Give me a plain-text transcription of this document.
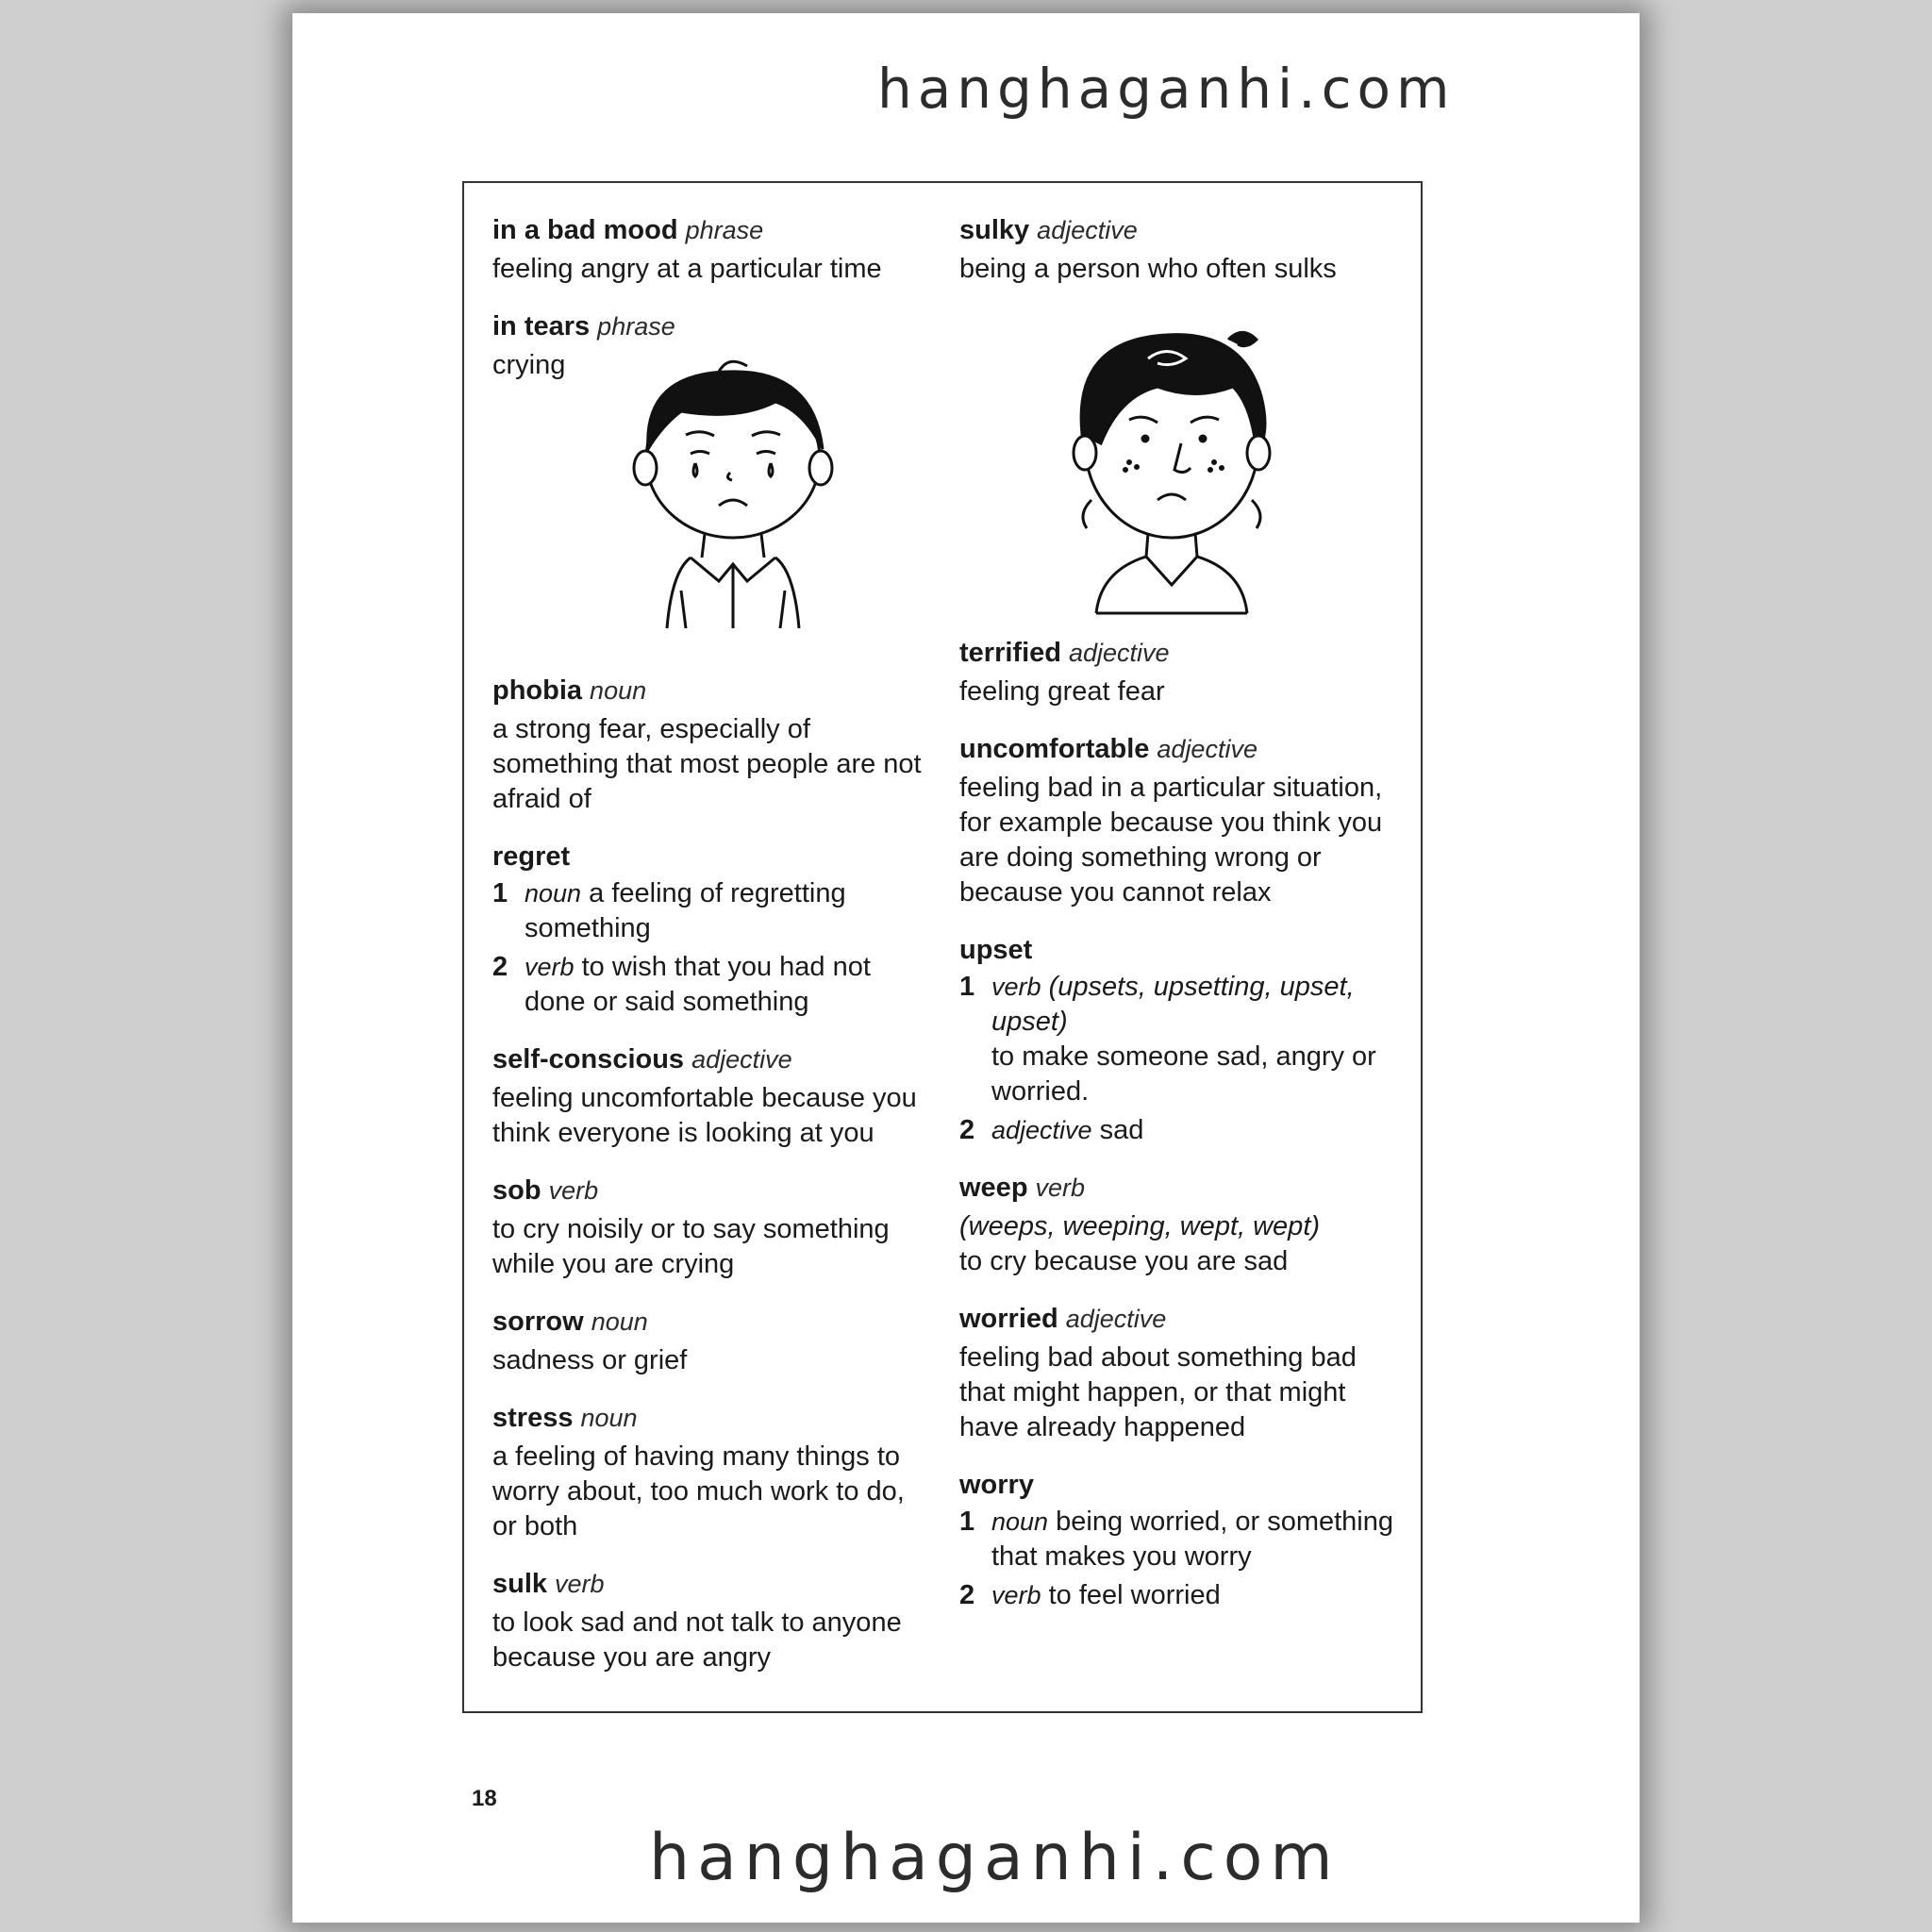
hanghaganhi.com
in a bad mood phrase
feeling angry at a particular time
in tears phrase
crying
phobia noun
a strong fear, especially of something that most people are not afraid of
regret
1 noun a feeling of regretting something
2 verb to wish that you had not done or said something
self-conscious adjective
feeling uncomfortable because you think everyone is looking at you
sob verb
to cry noisily or to say something while you are crying
sorrow noun
sadness or grief
stress noun
a feeling of having many things to worry about, too much work to do, or both
sulk verb
to look sad and not talk to anyone because you are angry
sulky adjective
being a person who often sulks
terrified adjective
feeling great fear
uncomfortable adjective
feeling bad in a particular situation, for example because you think you are doing something wrong or because you cannot relax
upset
1 verb (upsets, upsetting, upset, upset)
to make someone sad, angry or worried.
2 adjective sad
weep verb
(weeps, weeping, wept, wept)
to cry because you are sad
worried adjective
feeling bad about something bad that might happen, or that might have already happened
worry
1 noun being worried, or something that makes you worry
2 verb to feel worried
18
hanghaganhi.com
